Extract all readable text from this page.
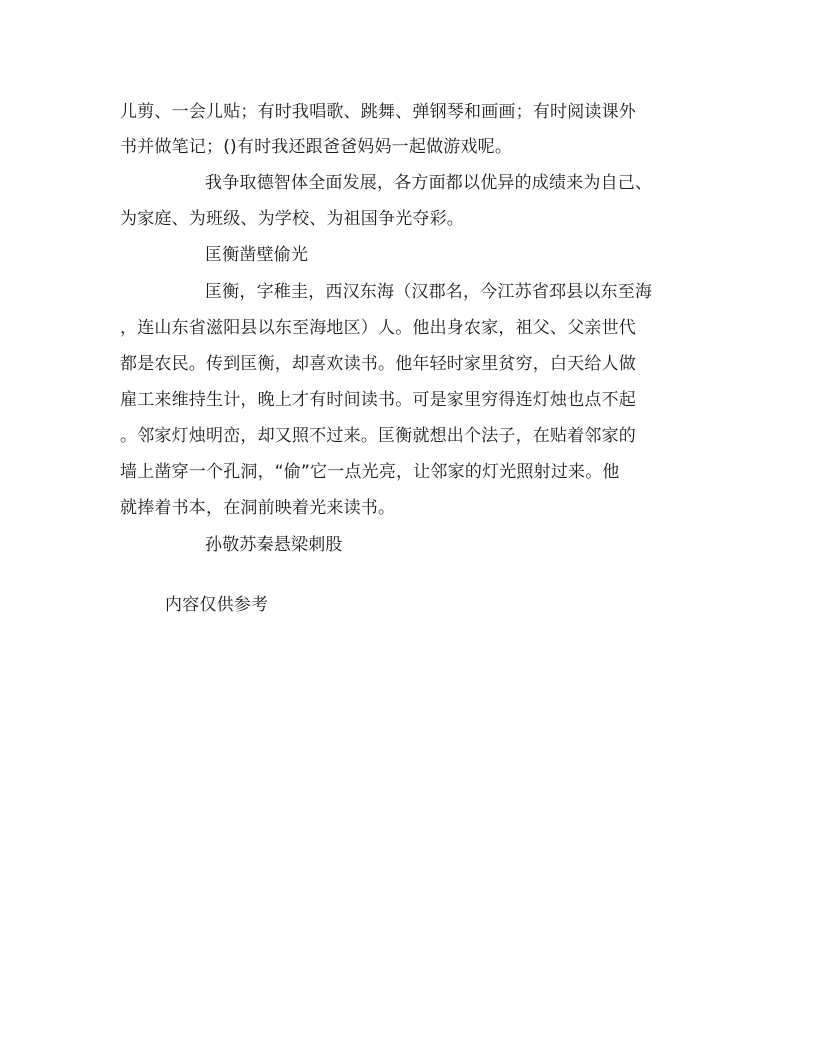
儿剪、一会儿贴；有时我唱歌、跳舞、弹钢琴和画画；有时阅读课外
书并做笔记；()有时我还跟爸爸妈妈一起做游戏呢。
我争取德智体全面发展，各方面都以优异的成绩来为自己、
为家庭、为班级、为学校、为祖国争光夺彩。
匡衡凿壁偷光
匡衡，字稚圭，西汉东海（汉郡名，今江苏省邳县以东至海
，连山东省滋阳县以东至海地区）人。他出身农家，祖父、父亲世代
都是农民。传到匡衡，却喜欢读书。他年轻时家里贫穷，白天给人做
雇工来维持生计，晚上才有时间读书。可是家里穷得连灯烛也点不起
。邻家灯烛明峦，却又照不过来。匡衡就想出个法子，在贴着邻家的
墙上凿穿一个孔洞，“偷”它一点光亮，让邻家的灯光照射过来。他
就捧着书本，在洞前映着光来读书。
孙敬苏秦悬梁刺股
内容仅供参考
